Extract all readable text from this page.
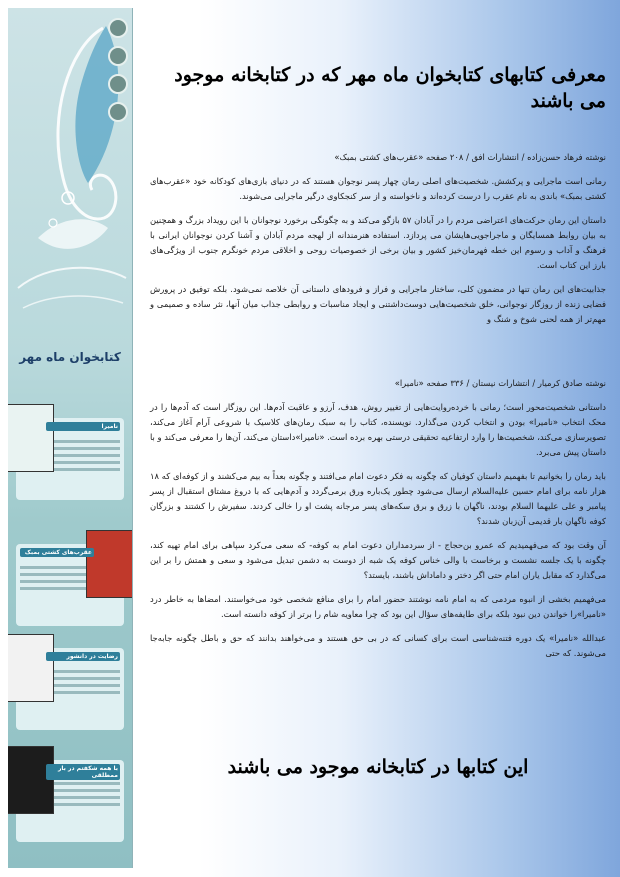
کتابخوان ماه مهر
نامیرا
عقرب‌های کشتی بمبک
رضایت در دانشور
با همه شکفتم در بار ممطلقی
معرفی کتابهای کتابخوان ماه مهر که در کتابخانه موجود می باشند

نوشته فرهاد حسن‌زاده / انتشارات افق / ۲۰۸ صفحه «عقرب‌های کشتی بمبک»

رمانی است ماجرایی و پرکشش. شخصیت‌های اصلی رمان چهار پسر نوجوان هستند که در دنیای بازی‌های کودکانه خود «عقرب‌های کشتی بمبک» باندی به نام عقرب را درست کرده‌اند و ناخواسته و از سر کنجکاوی درگیر ماجرایی می‌شوند.

داستان این رمان حرکت‌های اعتراضی مردم را در آبادان ۵۷ بازگو می‌کند و به چگونگی برخورد نوجوانان با این رویداد بزرگ و همچنین به بیان روابط همسایگان و ماجراجویی‌هایشان می پردازد. استفاده هنرمندانه از لهجه مردم آبادان و آشنا کردن نوجوانان ایرانی با فرهنگ و آداب و رسوم این خطه فهرمان‌خیز کشور و بیان برخی از خصوصیات روحی و اخلاقی مردم خونگرم جنوب از ویژگی‌های بارز این کتاب است.

جذابیت‌های این رمان تنها در مضمون کلی، ساختار ماجرایی و فراز و فرودهای داستانی آن خلاصه نمی‌شود. بلکه توفیق در پرورش فضایی زنده از روزگار نوجوانی، خلق شخصیت‌هایی دوست‌داشتنی و ایجاد مناسبات و روابطی جذاب میان آنها، نثر ساده و صمیمی و مهم‌تر از همه لحنی شوخ و شنگ و

نوشته صادق کرمیار / انتشارات نیستان / ۳۳۶ صفحه «نامیرا»

داستانی شخصیت‌محور است؛ رمانی با خرده‌روایت‌هایی از تغییر روش، هدف، آرزو و عاقبت آدم‌ها. این روزگار است که آدم‌ها را در محک انتخاب «نامیرا» بودن و انتخاب کردن می‌گذارد. نویسنده، کتاب را به سبک رمان‌های کلاسیک با شروعی آرام آغاز می‌کند، تصویرسازی می‌کند، شخصیت‌ها را وارد ارتفاعیه تحقیقی درستی بهره برده است. «نامیرا»داستان می‌کند، آن‌ها را معرفی می‌کند و با داستان پیش می‌برد.

باید رمان را بخوانیم تا بفهمیم داستان کوفیان که چگونه به فکر دعوت امام می‌افتند و چگونه بعداً به بیم می‌کشند و از کوفه‌ای که ۱۸ هزار نامه برای امام حسین علیه‌السلام ارسال می‌شود چطور یک‌باره ورق برمی‌گردد و آدم‌هایی که با دروغ مشتاق استقبال از پسر پیامبر و علی علیهما السلام بودند، ناگهان با زرق و برق سکه‌های پسر مرجانه پشت او را خالی کردند. سفیرش را کشتند و بزرگان کوفه ناگهان بار قدیمی آن‌زبان شدند؟

آن وقت بود که می‌فهمیدیم که عمرو بن‌حجاج - از سردمداران دعوت امام به کوفه- که سعی می‌کرد سپاهی برای امام تهیه کند، چگونه با یک جلسه نشست و برخاست با والی خناس کوفه یک شبه از دوست به دشمن تبدیل می‌شود و سعی و همتش را بر این می‌گذارد که مقابل یاران امام حتی اگر دختر و داماداش باشند، بایستد؟

می‌فهمیم بخشی از انبوه مردمی که به امام نامه نوشتند حضور امام را برای منافع شخصی خود می‌خواستند. امضاها به خاطر درد «نامیرا»را خواندن دین نبود بلکه برای طایفه‌های سؤال این بود که چرا معاویه شام را برتر از کوفه دانسته است.

عبدالله «نامیرا» یک دوره فتنه‌شناسی است برای کسانی که در بی حق هستند و می‌خواهند بدانند که حق و باطل چگونه جابه‌جا می‌شوند. که حتی

این کتابها در کتابخانه موجود می باشند
